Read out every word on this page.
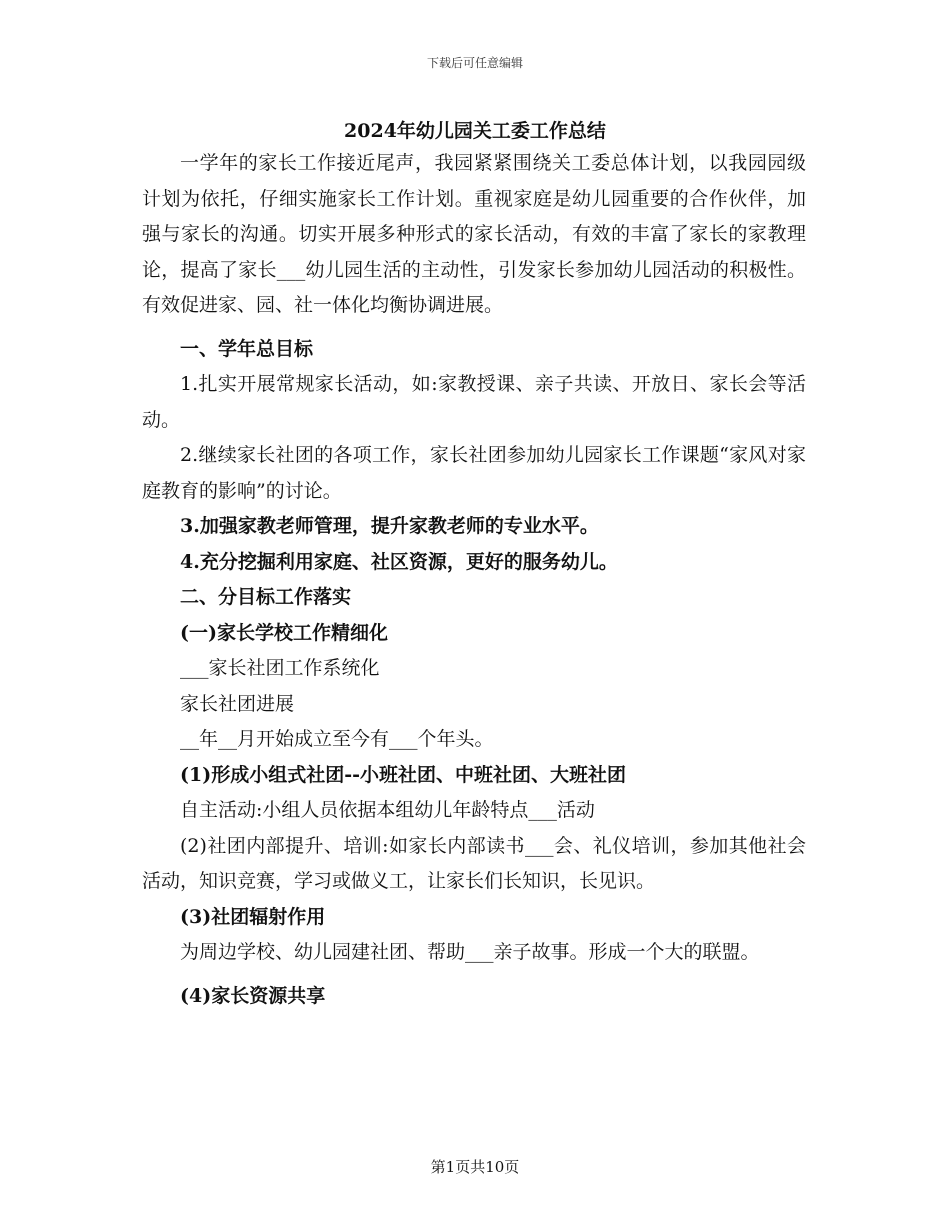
下载后可任意编辑
2024年幼儿园关工委工作总结

一学年的家长工作接近尾声，我园紧紧围绕关工委总体计划，以我园园级计划为依托，仔细实施家长工作计划。重视家庭是幼儿园重要的合作伙伴，加强与家长的沟通。切实开展多种形式的家长活动，有效的丰富了家长的家教理论，提高了家长___幼儿园生活的主动性，引发家长参加幼儿园活动的积极性。有效促进家、园、社一体化均衡协调进展。

一、学年总目标

1.扎实开展常规家长活动，如:家教授课、亲子共读、开放日、家长会等活动。

2.继续家长社团的各项工作，家长社团参加幼儿园家长工作课题“家风对家庭教育的影响”的讨论。

3.加强家教老师管理，提升家教老师的专业水平。

4.充分挖掘利用家庭、社区资源，更好的服务幼儿。

二、分目标工作落实

(一)家长学校工作精细化

___家长社团工作系统化

家长社团进展

__年__月开始成立至今有___个年头。

(1)形成小组式社团--小班社团、中班社团、大班社团

自主活动:小组人员依据本组幼儿年龄特点___活动

(2)社团内部提升、培训:如家长内部读书___会、礼仪培训，参加其他社会活动，知识竞赛，学习或做义工，让家长们长知识，长见识。

(3)社团辐射作用

为周边学校、幼儿园建社团、帮助___亲子故事。形成一个大的联盟。

(4)家长资源共享

第1页共10页
